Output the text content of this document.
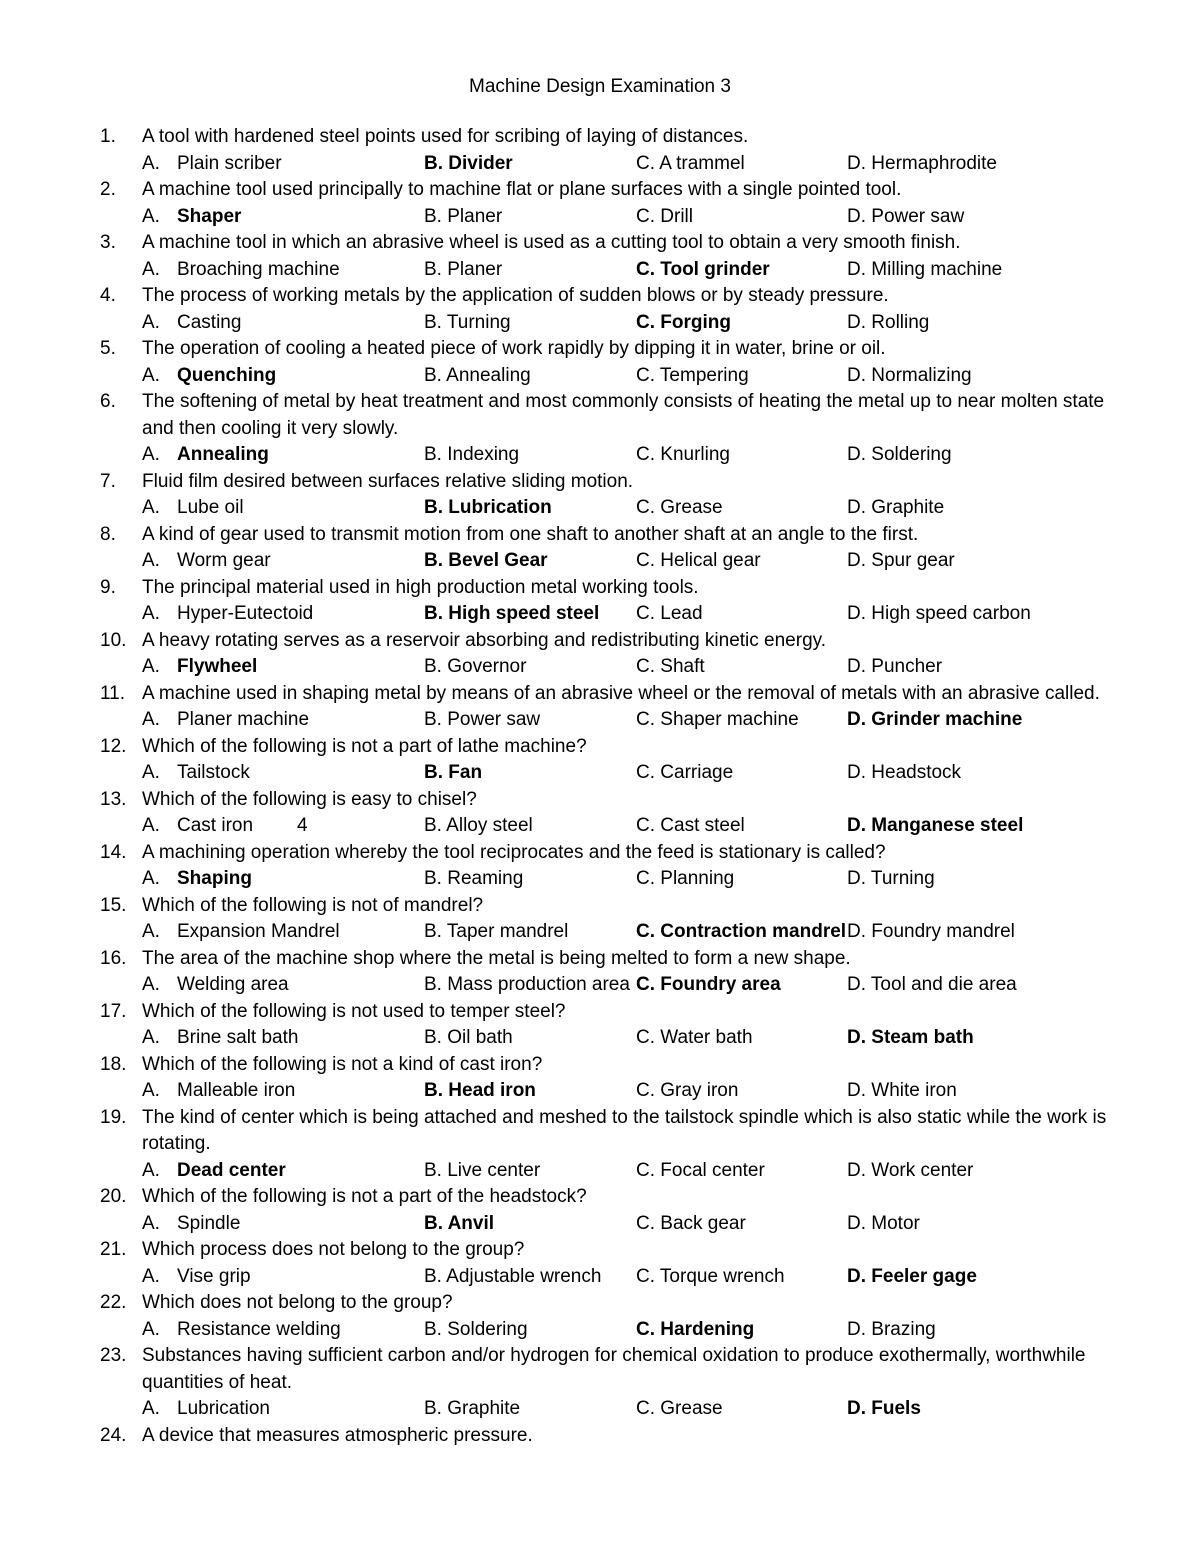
Machine Design Examination 3
1.	A tool with hardened steel points used for scribing of laying of distances.
A. Plain scriber	B. Divider	C. A trammel	D. Hermaphrodite
2.	A machine tool used principally to machine flat or plane surfaces with a single pointed tool.
A. Shaper	B. Planer	C. Drill	D. Power saw
3.	A machine tool in which an abrasive wheel is used as a cutting tool to obtain a very smooth finish.
A. Broaching machine	B. Planer	C. Tool grinder	D. Milling machine
4.	The process of working metals by the application of sudden blows or by steady pressure.
A. Casting	B. Turning	C. Forging	D. Rolling
5.	The operation of cooling a heated piece of work rapidly by dipping it in water, brine or oil.
A. Quenching	B. Annealing	C. Tempering	D. Normalizing
6.	The softening of metal by heat treatment and most commonly consists of heating the metal up to near molten state and then cooling it very slowly.
A. Annealing	B. Indexing	C. Knurling	D. Soldering
7.	Fluid film desired between surfaces relative sliding motion.
A. Lube oil	B. Lubrication	C. Grease	D. Graphite
8.	A kind of gear used to transmit motion from one shaft to another shaft at an angle to the first.
A. Worm gear	B. Bevel Gear	C. Helical gear	D. Spur gear
9.	The principal material used in high production metal working tools.
A. Hyper-Eutectoid	B. High speed steel	C. Lead	D. High speed carbon
10. A heavy rotating serves as a reservoir absorbing and redistributing kinetic energy.
A. Flywheel	B. Governor	C. Shaft	D. Puncher
11. A machine used in shaping metal by means of an abrasive wheel or the removal of metals with an abrasive called.
A. Planer machine	B. Power saw	C. Shaper machine	D. Grinder machine
12. Which of the following is not a part of lathe machine?
A. Tailstock	B. Fan	C. Carriage	D. Headstock
13. Which of the following is easy to chisel?
A. Cast iron 4	B. Alloy steel	C. Cast steel	D. Manganese steel
14. A machining operation whereby the tool reciprocates and the feed is stationary is called?
A. Shaping	B. Reaming	C. Planning	D. Turning
15. Which of the following is not of mandrel?
A. Expansion Mandrel	B. Taper mandrel	C. Contraction mandrel D. Foundry mandrel
16. The area of the machine shop where the metal is being melted to form a new shape.
A. Welding area	B. Mass production area C. Foundry area	D. Tool and die area
17. Which of the following is not used to temper steel?
A. Brine salt bath	B. Oil bath	C. Water bath	D. Steam bath
18. Which of the following is not a kind of cast iron?
A. Malleable iron	B. Head iron	C. Gray iron	D. White iron
19. The kind of center which is being attached and meshed to the tailstock spindle which is also static while the work is rotating.
A. Dead center	B. Live center	C. Focal center	D. Work center
20. Which of the following is not a part of the headstock?
A. Spindle	B. Anvil	C. Back gear	D. Motor
21. Which process does not belong to the group?
A. Vise grip	B. Adjustable wrench	C. Torque wrench	D. Feeler gage
22. Which does not belong to the group?
A. Resistance welding	B. Soldering	C. Hardening	D. Brazing
23. Substances having sufficient carbon and/or hydrogen for chemical oxidation to produce exothermally, worthwhile quantities of heat.
A. Lubrication	B. Graphite	C. Grease	D. Fuels
24. A device that measures atmospheric pressure.
